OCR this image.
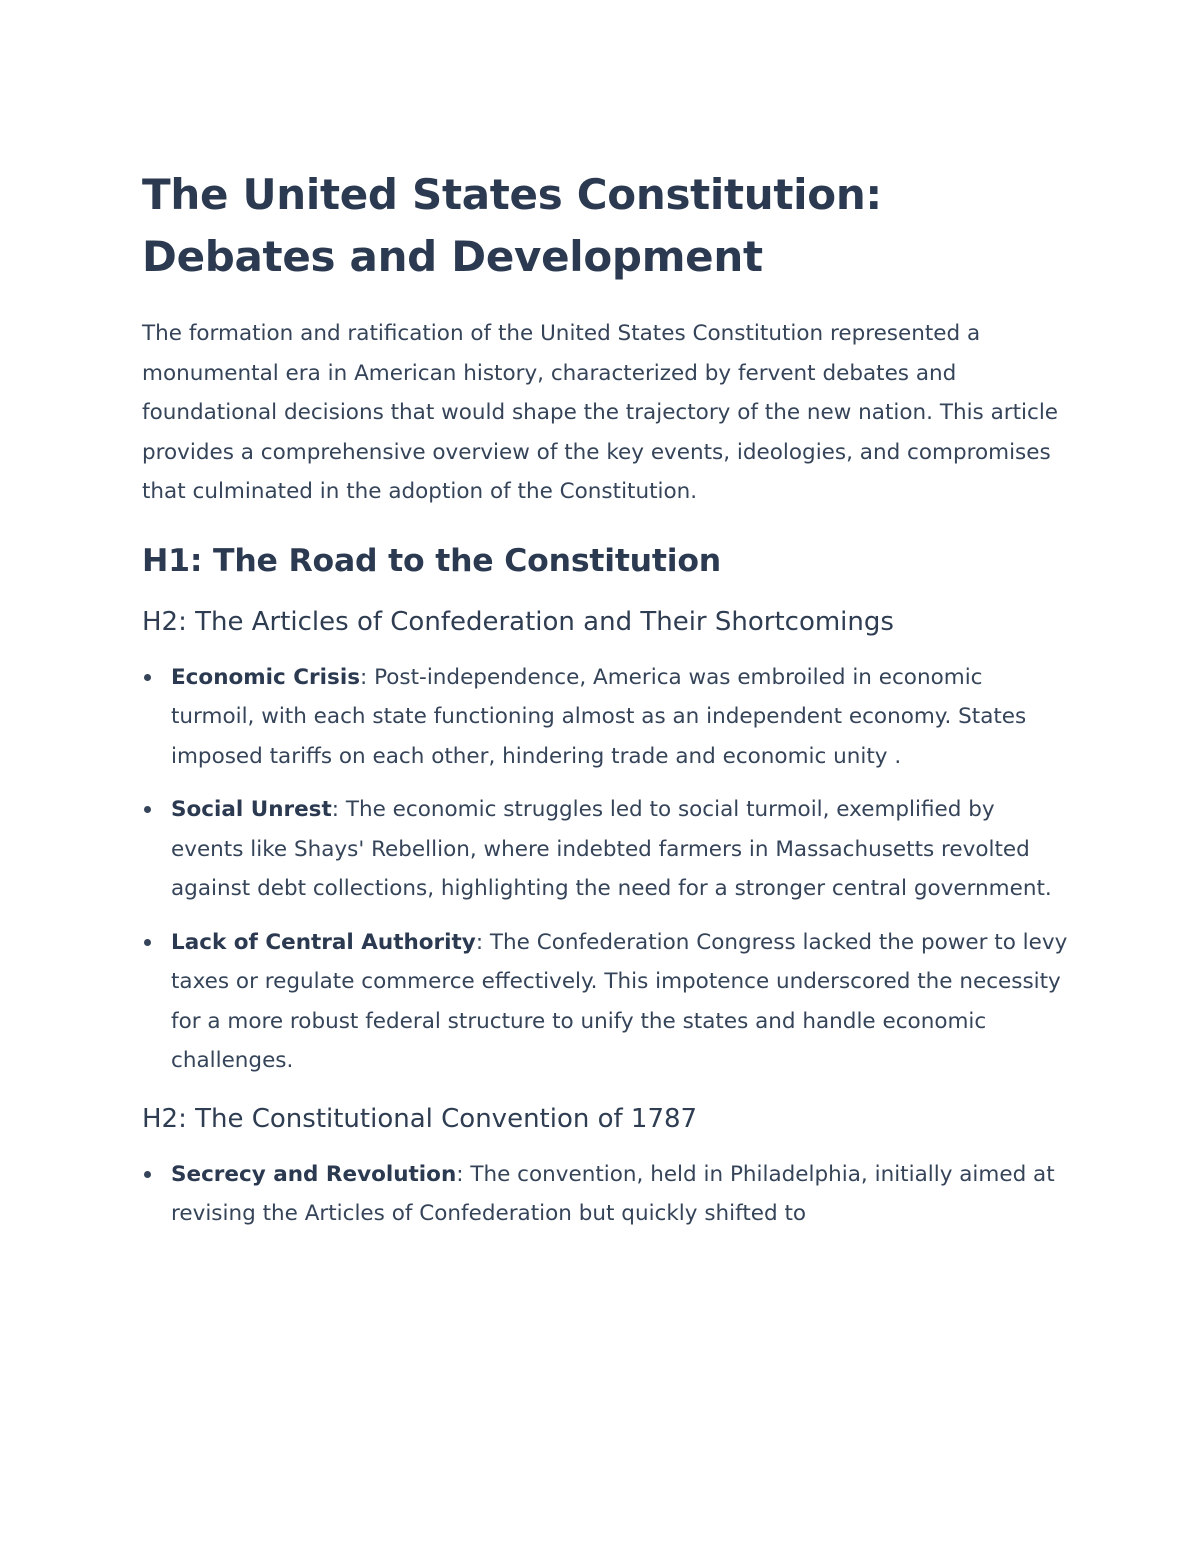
The United States Constitution:
Debates and Development

The formation and ratification of the United States Constitution represented a monumental era in American history, characterized by fervent debates and foundational decisions that would shape the trajectory of the new nation. This article provides a comprehensive overview of the key events, ideologies, and compromises that culminated in the adoption of the Constitution.

H1: The Road to the Constitution
H2: The Articles of Confederation and Their Shortcomings
Economic Crisis: Post-independence, America was embroiled in economic turmoil, with each state functioning almost as an independent economy. States imposed tariffs on each other, hindering trade and economic unity .
Social Unrest: The economic struggles led to social turmoil, exemplified by events like Shays' Rebellion, where indebted farmers in Massachusetts revolted against debt collections, highlighting the need for a stronger central government.
Lack of Central Authority: The Confederation Congress lacked the power to levy taxes or regulate commerce effectively. This impotence underscored the necessity for a more robust federal structure to unify the states and handle economic challenges.
H2: The Constitutional Convention of 1787
Secrecy and Revolution: The convention, held in Philadelphia, initially aimed at revising the Articles of Confederation but quickly shifted to
